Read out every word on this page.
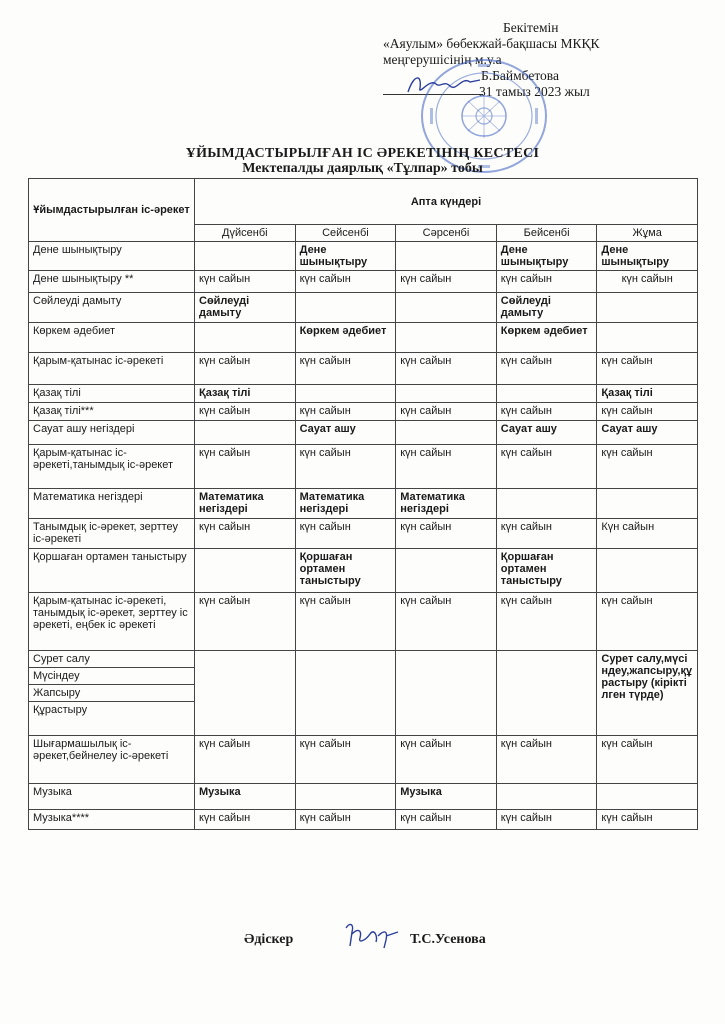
Бекітемін
«Аяулым» бөбекжай-бақшасы МКҚК
меңгерушісінің м.у.а
Б.Баймбетова
31 тамыз 2023 жыл
ҰЙЫМДАСТЫРЫЛҒАН ІС ӘРЕКЕТІНІҢ КЕСТЕСІ
Мектепалды даярлық «Тұлпар» тобы
Ұйымдастырылған іс-әрекет	Апта күндері				
	Дүйсенбі	Сейсенбі	Сәрсенбі	Бейсенбі	Жұма
Дене шынықтыру		Дене шынықтыру		Дене шынықтыру	Дене шынықтыру
Дене шынықтыру **	күн сайын	күн сайын	күн сайын	күн сайын	күн сайын
Сөйлеуді дамыту	Сөйлеуді дамыту			Сөйлеуді дамыту	
Көркем әдебиет		Көркем әдебиет		Көркем әдебиет	
Қарым-қатынас іс-әрекеті	күн сайын	күн сайын	күн сайын	күн сайын	күн сайын
Қазақ тілі	Қазақ тілі				Қазақ тілі
Қазақ тілі***	күн сайын	күн сайын	күн сайын	күн сайын	күн сайын
Сауат ашу негіздері		Сауат ашу		Сауат ашу	Сауат ашу
Қарым-қатынас іс-әрекеті,танымдық іс-әрекет	күн сайын	күн сайын	күн сайын	күн сайын	күн сайын
Математика негіздері	Математика негіздері	Математика негіздері	Математика негіздері		
Танымдық іс-әрекет, зерттеу іс-әрекеті	күн сайын	күн сайын	күн сайын	күн сайын	Күн сайын
Қоршаған ортамен таныстыру		Қоршаған ортамен таныстыру		Қоршаған ортамен таныстыру	
Қарым-қатынас іс-әрекеті, танымдық іс-әрекет, зерттеу іс әрекеті, еңбек іс әрекеті	күн сайын	күн сайын	күн сайын	күн сайын	күн сайын
Сурет салу					Сурет салу,мүсіндеу,жапсыру,құрастыру (кіріктілген түрде)
Мүсіндеу					
Жапсыру					
Құрастыру					
Шығармашылық іс-әрекет,бейнелеу іс-әрекеті	күн сайын	күн сайын	күн сайын	күн сайын	күн сайын
Музыка	Музыка		Музыка		
Музыка****	күн сайын	күн сайын	күн сайын	күн сайын	күн сайын
Әдіскер	Т.С.Усенова
